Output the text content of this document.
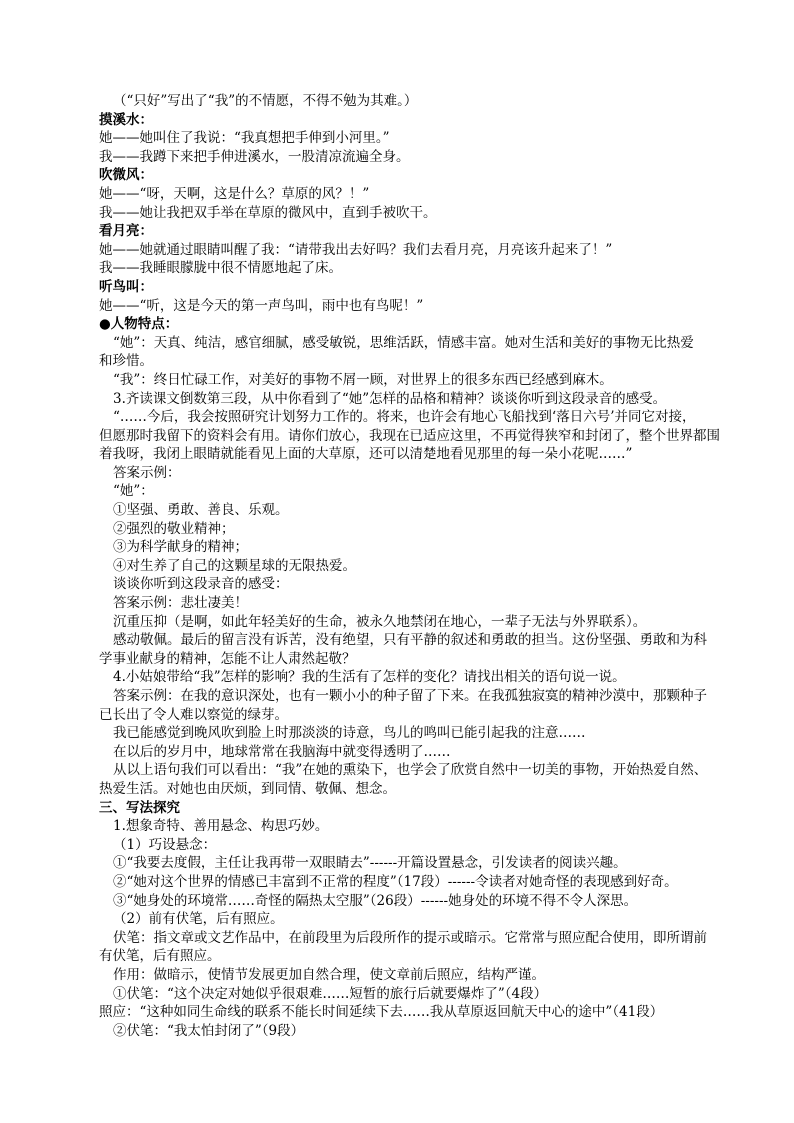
（“只好”写出了“我”的不情愿，不得不勉为其难。）
摸溪水：
她——她叫住了我说：“我真想把手伸到小河里。”
我——我蹲下来把手伸进溪水，一股清凉流遍全身。
吹微风：
她——“呀，天啊，这是什么？草原的风？！”
我——她让我把双手举在草原的微风中，直到手被吹干。
看月亮：
她——她就通过眼睛叫醒了我：“请带我出去好吗？我们去看月亮，月亮该升起来了！”
我——我睡眼朦胧中很不情愿地起了床。
听鸟叫：
她——“听，这是今天的第一声鸟叫，雨中也有鸟呢！”
●人物特点：
“她”：天真、纯洁，感官细腻，感受敏锐，思维活跃，情感丰富。她对生活和美好的事物无比热爱
和珍惜。
“我”：终日忙碌工作，对美好的事物不屑一顾，对世界上的很多东西已经感到麻木。
3.齐读课文倒数第三段，从中你看到了“她”怎样的品格和精神？谈谈你听到这段录音的感受。
“……今后，我会按照研究计划努力工作的。将来，也许会有地心飞船找到‘落日六号’并同它对接，
但愿那时我留下的资料会有用。请你们放心，我现在已适应这里，不再觉得狭窄和封闭了，整个世界都围
着我呀，我闭上眼睛就能看见上面的大草原，还可以清楚地看见那里的每一朵小花呢……”
答案示例：
“她”：
①坚强、勇敢、善良、乐观。
②强烈的敬业精神；
③为科学献身的精神；
④对生养了自己的这颗星球的无限热爱。
谈谈你听到这段录音的感受：
答案示例：悲壮凄美！
沉重压抑（是啊，如此年轻美好的生命，被永久地禁闭在地心，一辈子无法与外界联系）。
感动敬佩。最后的留言没有诉苦，没有绝望，只有平静的叙述和勇敢的担当。这份坚强、勇敢和为科
学事业献身的精神，怎能不让人肃然起敬？
4.小姑娘带给“我”怎样的影响？我的生活有了怎样的变化？请找出相关的语句说一说。
答案示例：在我的意识深处，也有一颗小小的种子留了下来。在我孤独寂寞的精神沙漠中，那颗种子
已长出了令人难以察觉的绿芽。
我已能感觉到晚风吹到脸上时那淡淡的诗意，鸟儿的鸣叫已能引起我的注意……
在以后的岁月中，地球常常在我脑海中就变得透明了……
从以上语句我们可以看出：“我”在她的熏染下，也学会了欣赏自然中一切美的事物，开始热爱自然、
热爱生活。对她也由厌烦，到同情、敬佩、想念。
三、写法探究
1.想象奇特、善用悬念、构思巧妙。
（1）巧设悬念：
①“我要去度假，主任让我再带一双眼睛去”------开篇设置悬念，引发读者的阅读兴趣。
②“她对这个世界的情感已丰富到不正常的程度”（17段）------令读者对她奇怪的表现感到好奇。
③“她身处的环境常……奇怪的隔热太空服”（26段）------她身处的环境不得不令人深思。
（2）前有伏笔，后有照应。
伏笔：指文章或文艺作品中，在前段里为后段所作的提示或暗示。它常常与照应配合使用，即所谓前
有伏笔，后有照应。
作用：做暗示，使情节发展更加自然合理，使文章前后照应，结构严谨。
①伏笔：“这个决定对她似乎很艰难……短暂的旅行后就要爆炸了”（4段）
照应：“这种如同生命线的联系不能长时间延续下去……我从草原返回航天中心的途中”（41段）
②伏笔：“我太怕封闭了”（9段）
